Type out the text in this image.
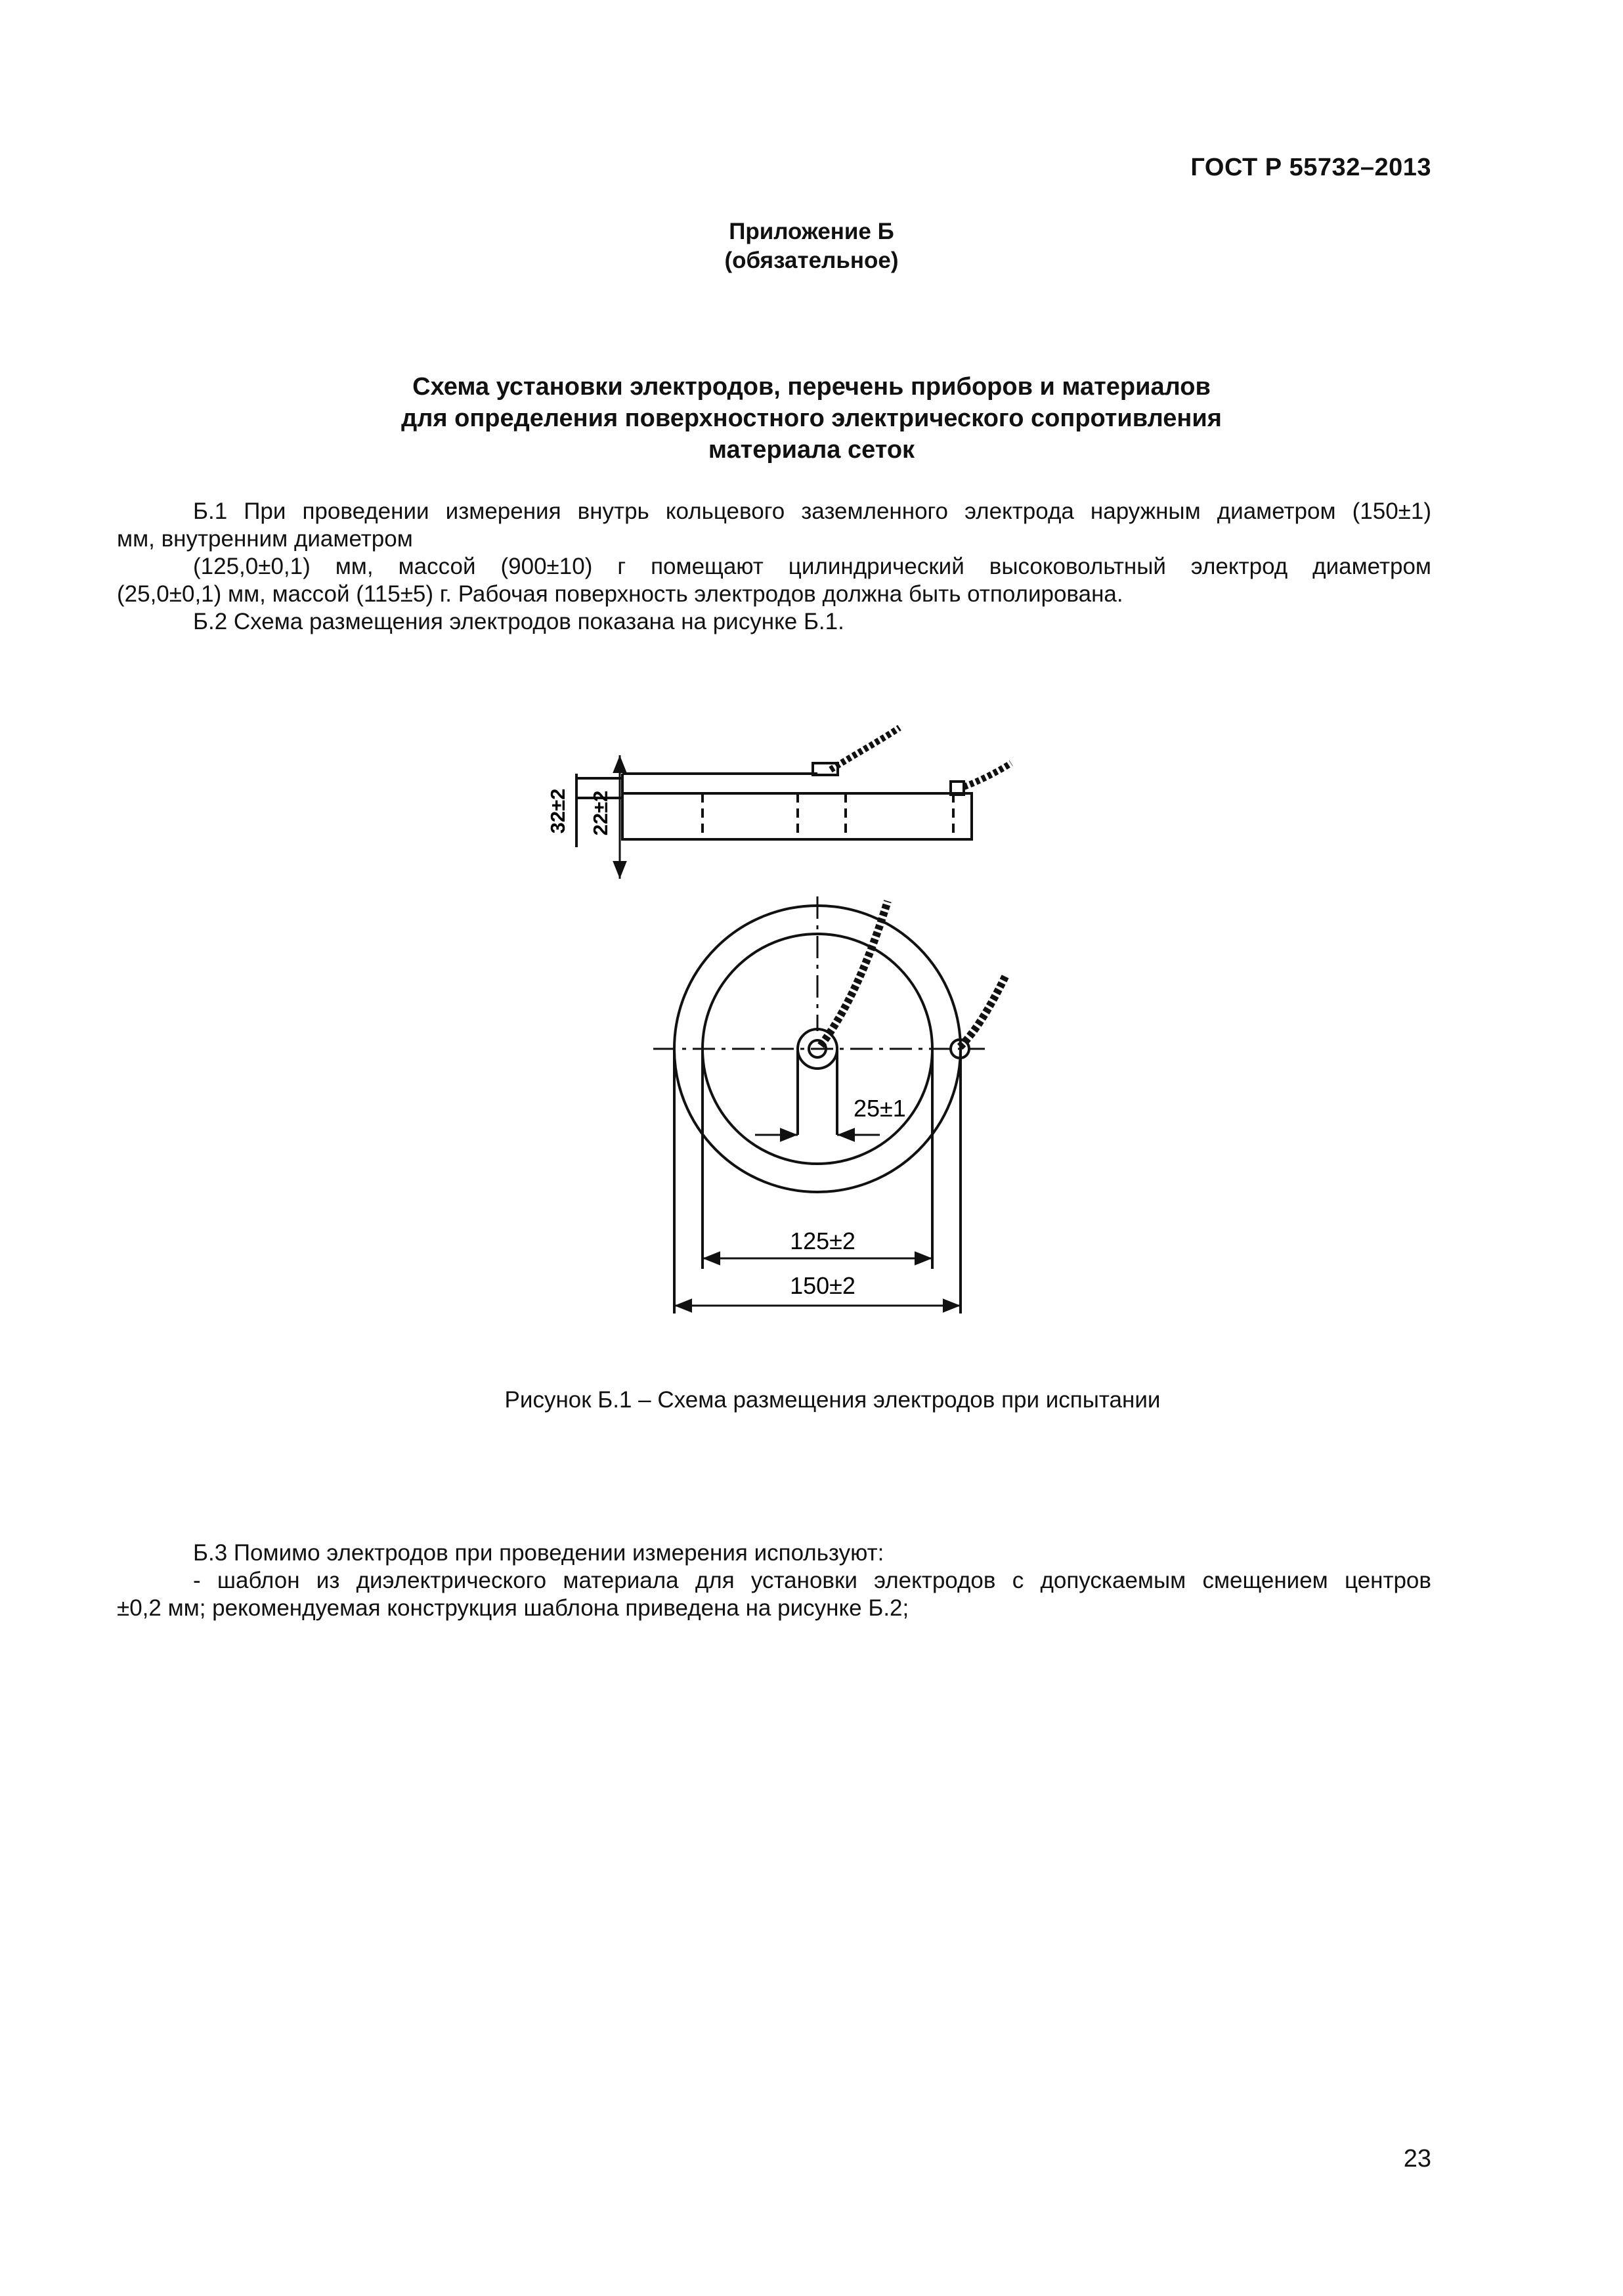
ГОСТ Р 55732–2013
Приложение Б
(обязательное)
Схема установки электродов, перечень приборов и материалов
для определения поверхностного электрического сопротивления
материала сеток

Б.1 При проведении измерения внутрь кольцевого заземленного электрода наружным диаметром (150±1)

мм, внутренним диаметром

(125,0±0,1) мм, массой (900±10) г помещают цилиндрический высоковольтный электрод диаметром

(25,0±0,1) мм, массой (115±5) г. Рабочая поверхность электродов должна быть отполирована.

Б.2 Схема размещения электродов показана на рисунке Б.1.

32±2 22±2
25±1
125±2
150±2
Рисунок Б.1 – Схема размещения электродов при испытании

Б.3 Помимо электродов при проведении измерения используют:

- шаблон из диэлектрического материала для установки электродов с допускаемым смещением центров

±0,2 мм; рекомендуемая конструкция шаблона приведена на рисунке Б.2;

23
